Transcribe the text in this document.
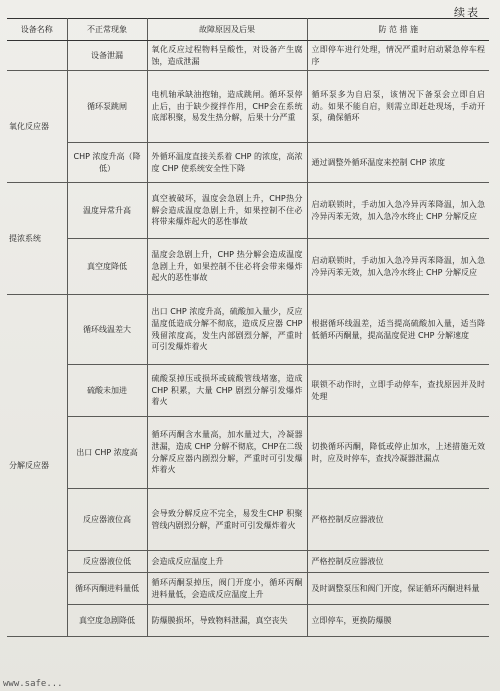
续表
设备名称	不正常现象	故障原因及后果	防 范 措 施
	设备泄漏	氧化反应过程物料呈酸性，对设备产生腐蚀，造成泄漏	立即停车进行处理，情况严重时启动紧急停车程序
氧化反应器	循环泵跳闸	电机轴承缺油抱轴，造成跳闸。循环泵停止后，由于缺少搅拌作用，CHP会在系统底部积聚，易发生热分解，后果十分严重	循环泵多为自启泵，该情况下备泵会立即自启动。如果不能自启，则需立即赶赴现场，手动开泵，确保循环
	CHP 浓度升高（降低）	外循环温度直接关系着 CHP 的浓度，高浓度 CHP 使系统安全性下降	通过调整外循环温度来控制 CHP 浓度
提浓系统	温度异常升高	真空被破坏，温度会急剧上升，CHP热分解会造成温度急剧上升，如果控制不住必将带来爆炸起火的恶性事故	启动联锁时，手动加入急冷异丙苯降温，加入急冷异丙苯无效，加入急冷水终止 CHP 分解反应
	真空度降低	温度会急剧上升，CHP 热分解会造成温度急剧上升，如果控制不住必将会带来爆炸起火的恶性事故	启动联锁时，手动加入急冷异丙苯降温，加入急冷异丙苯无效，加入急冷水终止 CHP 分解反应
分解反应器	循环线温差大	出口 CHP 浓度升高，硫酸加入量少，反应温度低造成分解不彻底，造成反应器 CHP 残留浓度高，发生内部剧烈分解，严重时可引发爆炸着火	根据循环线温差，适当提高硫酸加入量，适当降低循环丙酮量，提高温度促进 CHP 分解速度
	硫酸未加进	硫酸泵掉压或损坏或硫酸管线堵塞，造成 CHP 积累，大量 CHP 剧烈分解引发爆炸着火	联锁不动作时，立即手动停车，查找原因并及时处理
	出口 CHP 浓度高	循环丙酮含水量高，加水量过大，冷凝器泄漏，造成 CHP 分解不彻底，CHP在二级分解反应器内剧烈分解，严重时可引发爆炸着火	切换循环丙酮，降低或停止加水，上述措施无效时，应及时停车，查找冷凝器泄漏点
	反应器液位高	会导致分解反应不完全，易发生CHP 积聚管线内剧烈分解，严重时可引发爆炸着火	严格控制反应器液位
	反应器液位低	会造成反应温度上升	严格控制反应器液位
	循环丙酮进料量低	循环丙酮泵掉压，阀门开度小，循环丙酮进料量低，会造成反应温度上升	及时调整泵压和阀门开度，保证循环丙酮进料量
	真空度急剧降低	防爆膜损坏，导致物料泄漏，真空丧失	立即停车，更换防爆膜
www.safe...
